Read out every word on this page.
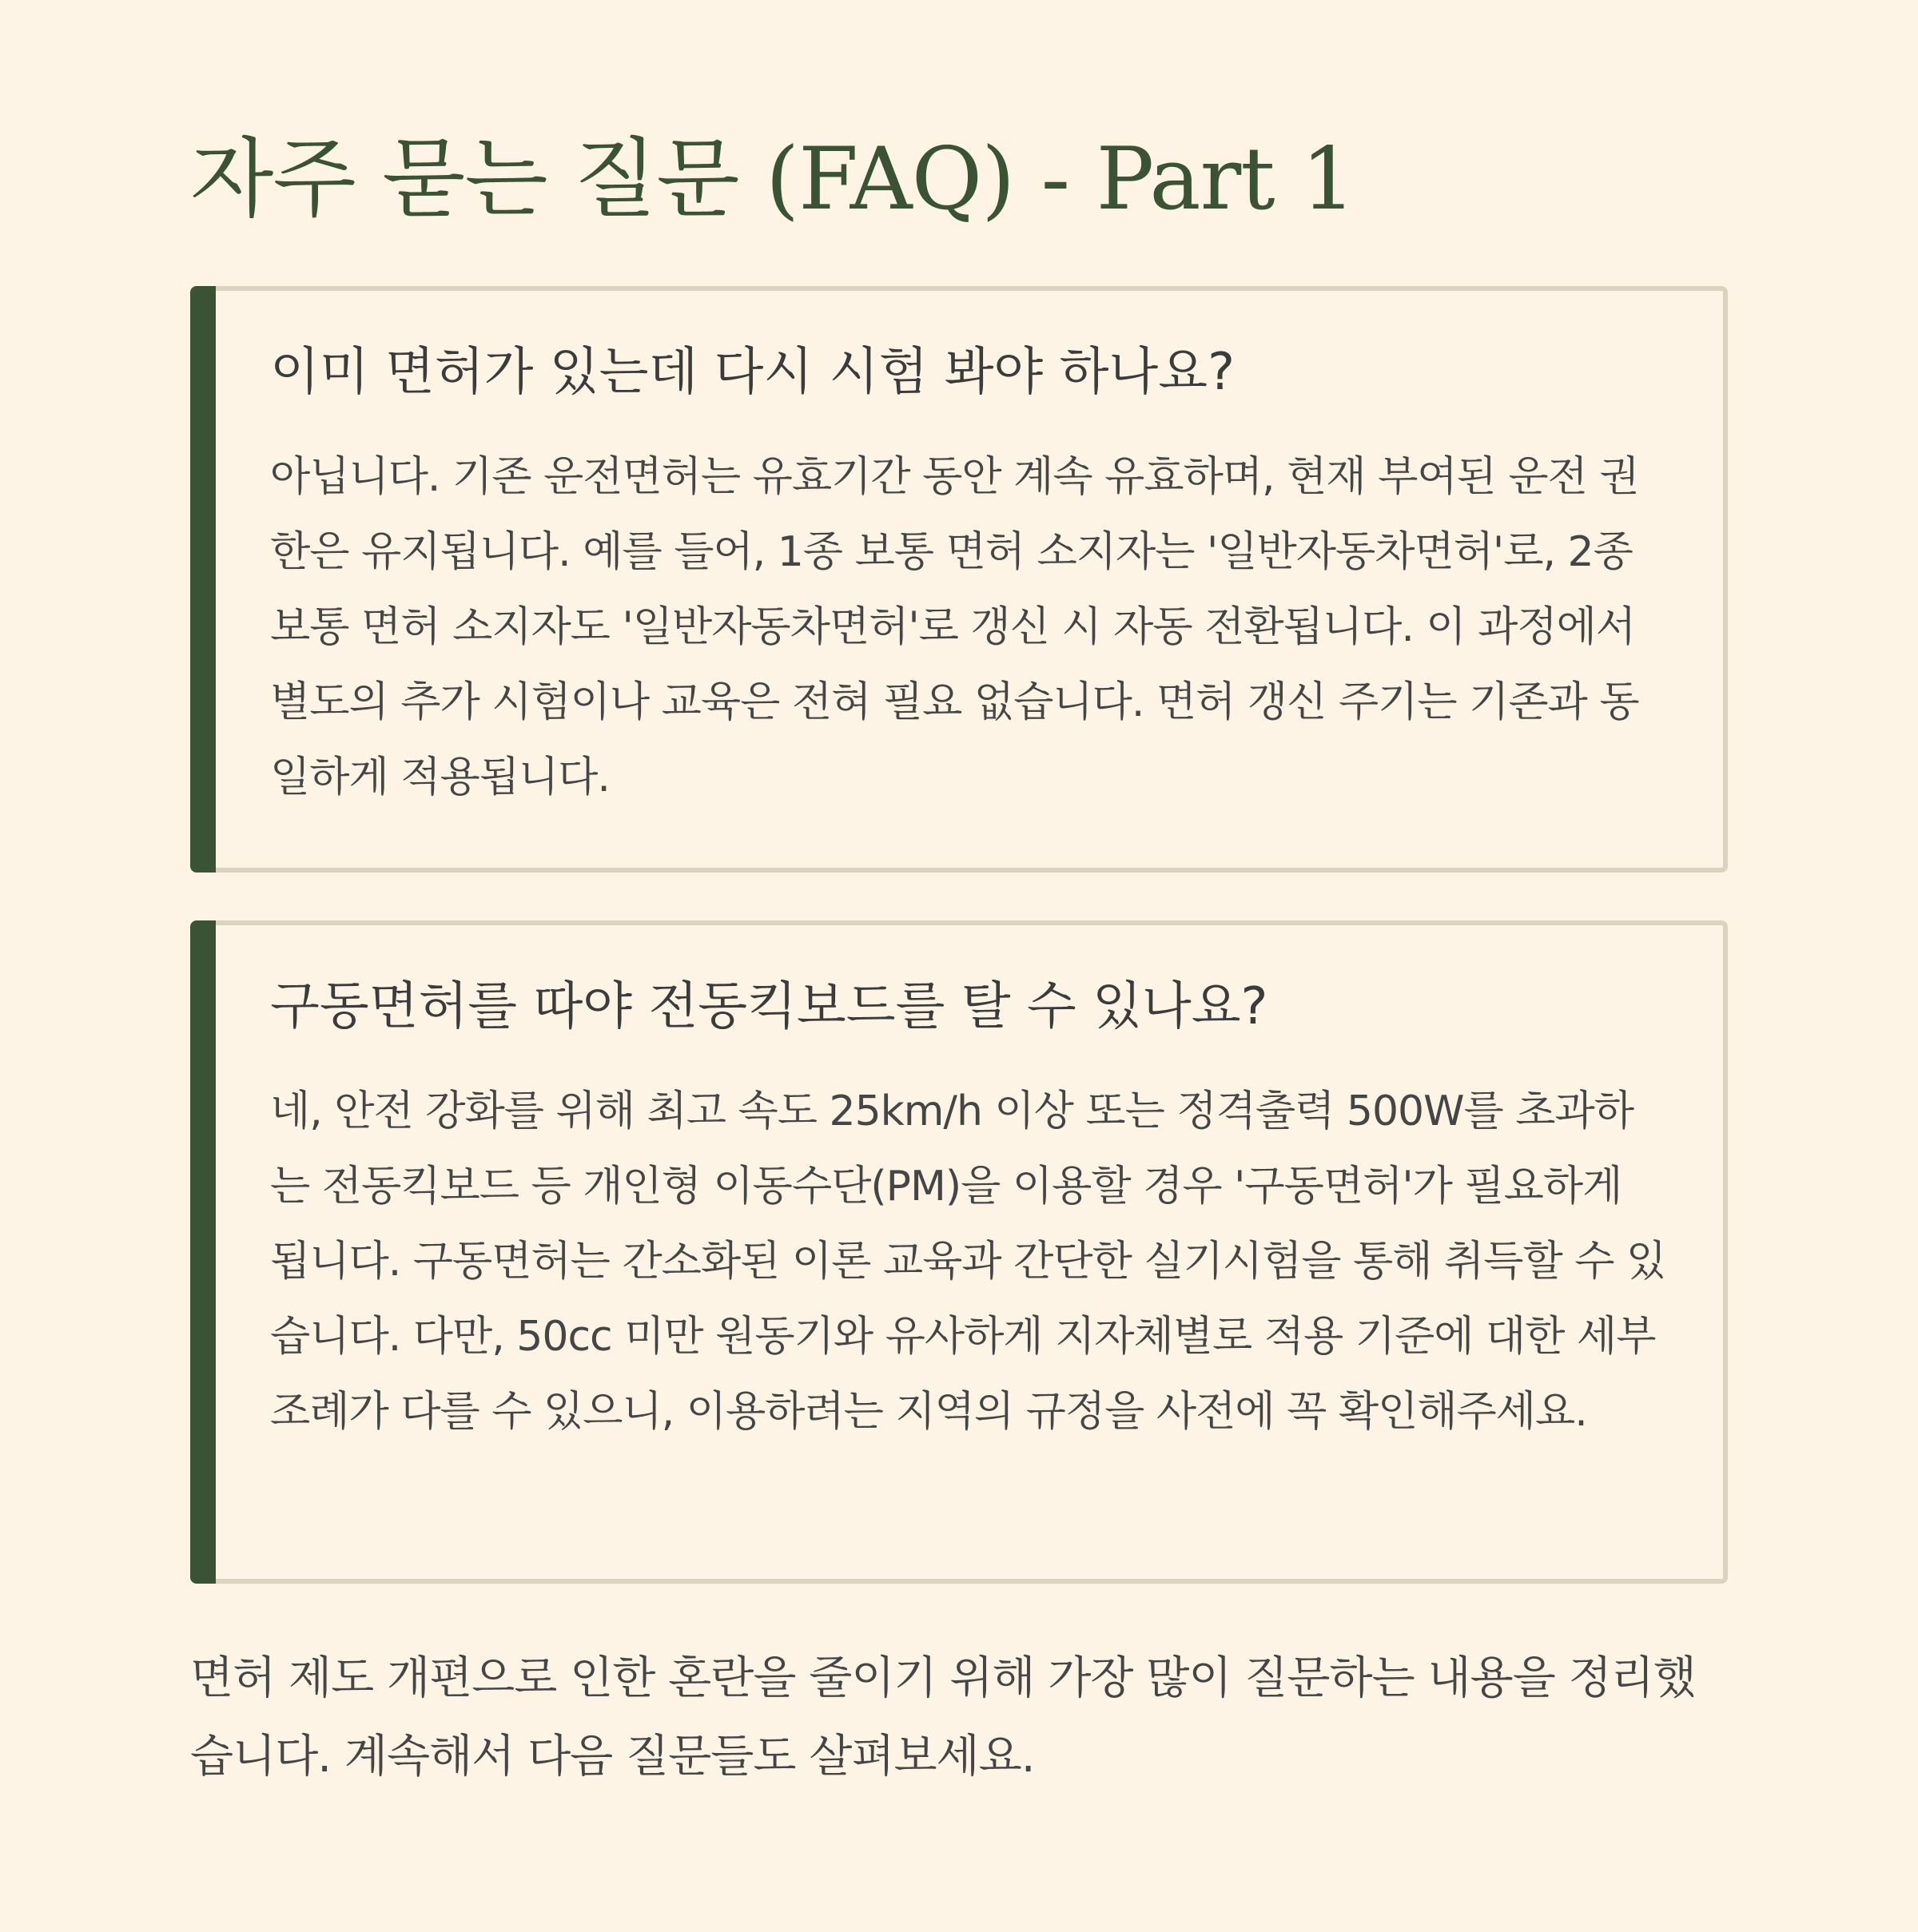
자주 묻는 질문 (FAQ) - Part 1
이미 면허가 있는데 다시 시험 봐야 하나요?

아닙니다. 기존 운전면허는 유효기간 동안 계속 유효하며, 현재 부여된 운전 권한은 유지됩니다. 예를 들어, 1종 보통 면허 소지자는 '일반자동차면허'로, 2종 보통 면허 소지자도 '일반자동차면허'로 갱신 시 자동 전환됩니다. 이 과정에서 별도의 추가 시험이나 교육은 전혀 필요 없습니다. 면허 갱신 주기는 기존과 동일하게 적용됩니다.

구동면허를 따야 전동킥보드를 탈 수 있나요?

네, 안전 강화를 위해 최고 속도 25km/h 이상 또는 정격출력 500W를 초과하는 전동킥보드 등 개인형 이동수단(PM)을 이용할 경우 '구동면허'가 필요하게 됩니다. 구동면허는 간소화된 이론 교육과 간단한 실기시험을 통해 취득할 수 있습니다. 다만, 50cc 미만 원동기와 유사하게 지자체별로 적용 기준에 대한 세부 조례가 다를 수 있으니, 이용하려는 지역의 규정을 사전에 꼭 확인해주세요.

면허 제도 개편으로 인한 혼란을 줄이기 위해 가장 많이 질문하는 내용을 정리했습니다. 계속해서 다음 질문들도 살펴보세요.
